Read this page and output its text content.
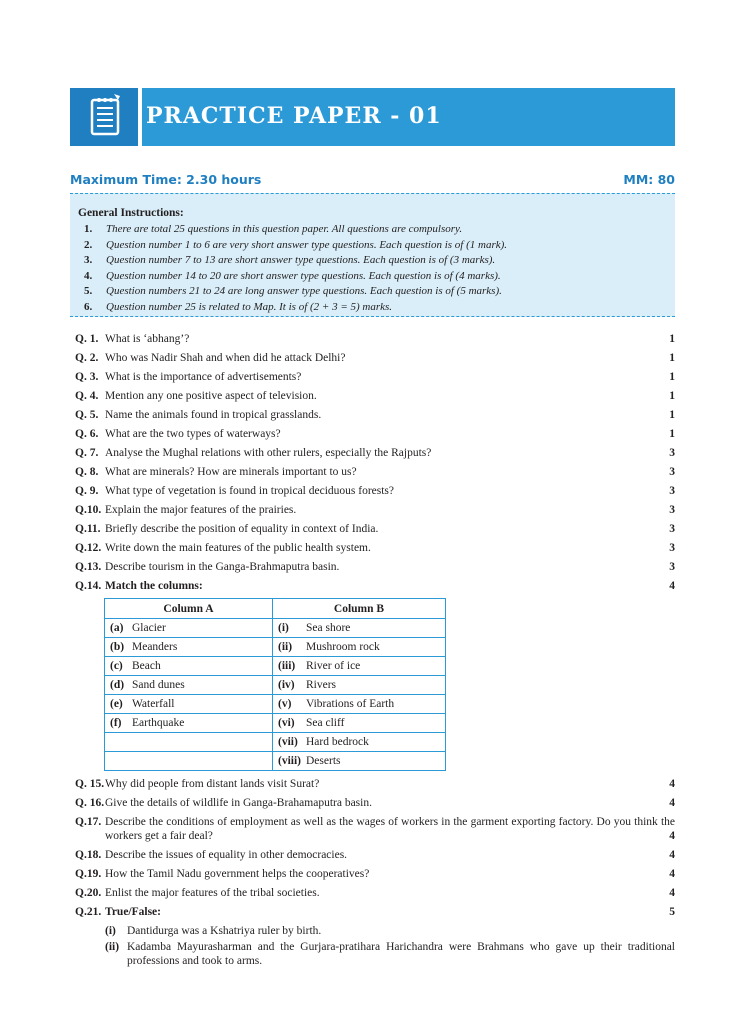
PRACTICE PAPER - 01
Maximum Time: 2.30 hours	MM: 80
General Instructions:
1. There are total 25 questions in this question paper. All questions are compulsory.
2. Question number 1 to 6 are very short answer type questions. Each question is of (1 mark).
3. Question number 7 to 13 are short answer type questions. Each question is of (3 marks).
4. Question number 14 to 20 are short answer type questions. Each question is of (4 marks).
5. Question numbers 21 to 24 are long answer type questions. Each question is of (5 marks).
6. Question number 25 is related to Map. It is of (2 + 3 = 5) marks.
Q. 1. What is ‘abhang’?	1
Q. 2. Who was Nadir Shah and when did he attack Delhi?	1
Q. 3. What is the importance of advertisements?	1
Q. 4. Mention any one positive aspect of television.	1
Q. 5. Name the animals found in tropical grasslands.	1
Q. 6. What are the two types of waterways?	1
Q. 7. Analyse the Mughal relations with other rulers, especially the Rajputs?	3
Q. 8. What are minerals? How are minerals important to us?	3
Q. 9. What type of vegetation is found in tropical deciduous forests?	3
Q.10. Explain the major features of the prairies.	3
Q.11. Briefly describe the position of equality in context of India.	3
Q.12. Write down the main features of the public health system.	3
Q.13. Describe tourism in the Ganga-Brahmaputra basin.	3
Q.14. Match the columns:	4
Column A	Column B
(a) Glacier	(i) Sea shore
(b) Meanders	(ii) Mushroom rock
(c) Beach	(iii) River of ice
(d) Sand dunes	(iv) Rivers
(e) Waterfall	(v) Vibrations of Earth
(f) Earthquake	(vi) Sea cliff
	(vii) Hard bedrock
	(viii) Deserts
Q. 15. Why did people from distant lands visit Surat?	4
Q. 16. Give the details of wildlife in Ganga-Brahamaputra basin.	4
Q.17. Describe the conditions of employment as well as the wages of workers in the garment exporting factory. Do you think the workers get a fair deal?	4
Q.18. Describe the issues of equality in other democracies.	4
Q.19. How the Tamil Nadu government helps the cooperatives?	4
Q.20. Enlist the major features of the tribal societies.	4
Q.21. True/False:	5
(i) Dantidurga was a Kshatriya ruler by birth.
(ii) Kadamba Mayurasharman and the Gurjara-pratihara Harichandra were Brahmans who gave up their traditional professions and took to arms.
